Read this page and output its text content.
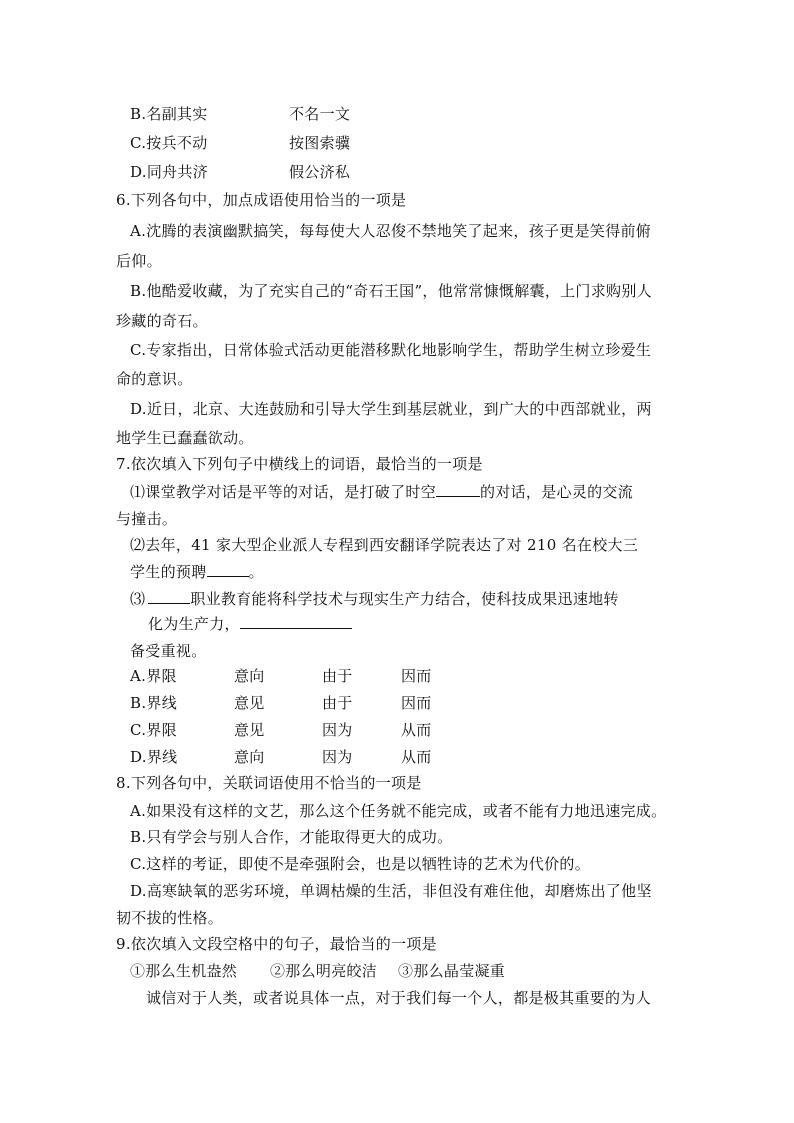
B.名副其实	不名一文
C.按兵不动	按图索骥
D.同舟共济	假公济私
6.下列各句中，加点成语使用恰当的一项是
A.沈腾的表演幽默搞笑，每每使大人忍俊不禁地笑了起来，孩子更是笑得前俯
后仰。
B.他酷爱收藏，为了充实自己的“奇石王国”，他常常慷慨解囊，上门求购别人
珍藏的奇石。
C.专家指出，日常体验式活动更能潜移默化地影响学生，帮助学生树立珍爱生
命的意识。
D.近日，北京、大连鼓励和引导大学生到基层就业，到广大的中西部就业，两
地学生已蠢蠢欲动。
7.依次填入下列句子中横线上的词语，最恰当的一项是
⑴课堂教学对话是平等的对话，是打破了时空	的对话，是心灵的交流
与撞击。
⑵去年，41 家大型企业派人专程到西安翻译学院表达了对 210 名在校大三
学生的预聘	。
⑶	职业教育能将科学技术与现实生产力结合，使科技成果迅速地转
化为生产力，
备受重视。
A.界限	意向	由于	因而
B.界线	意见	由于	因而
C.界限	意见	因为	从而
D.界线	意向	因为	从而
8.下列各句中，关联词语使用不恰当的一项是
A.如果没有这样的文艺，那么这个任务就不能完成，或者不能有力地迅速完成。
B.只有学会与别人合作，才能取得更大的成功。
C.这样的考证，即使不是牵强附会，也是以牺牲诗的艺术为代价的。
D.高寒缺氧的恶劣环境，单调枯燥的生活，非但没有难住他，却磨炼出了他坚
韧不拔的性格。
9.依次填入文段空格中的句子，最恰当的一项是
①那么生机盎然 ②那么明亮皎洁 ③那么晶莹凝重
诚信对于人类，或者说具体一点，对于我们每一个人，都是极其重要的为人
